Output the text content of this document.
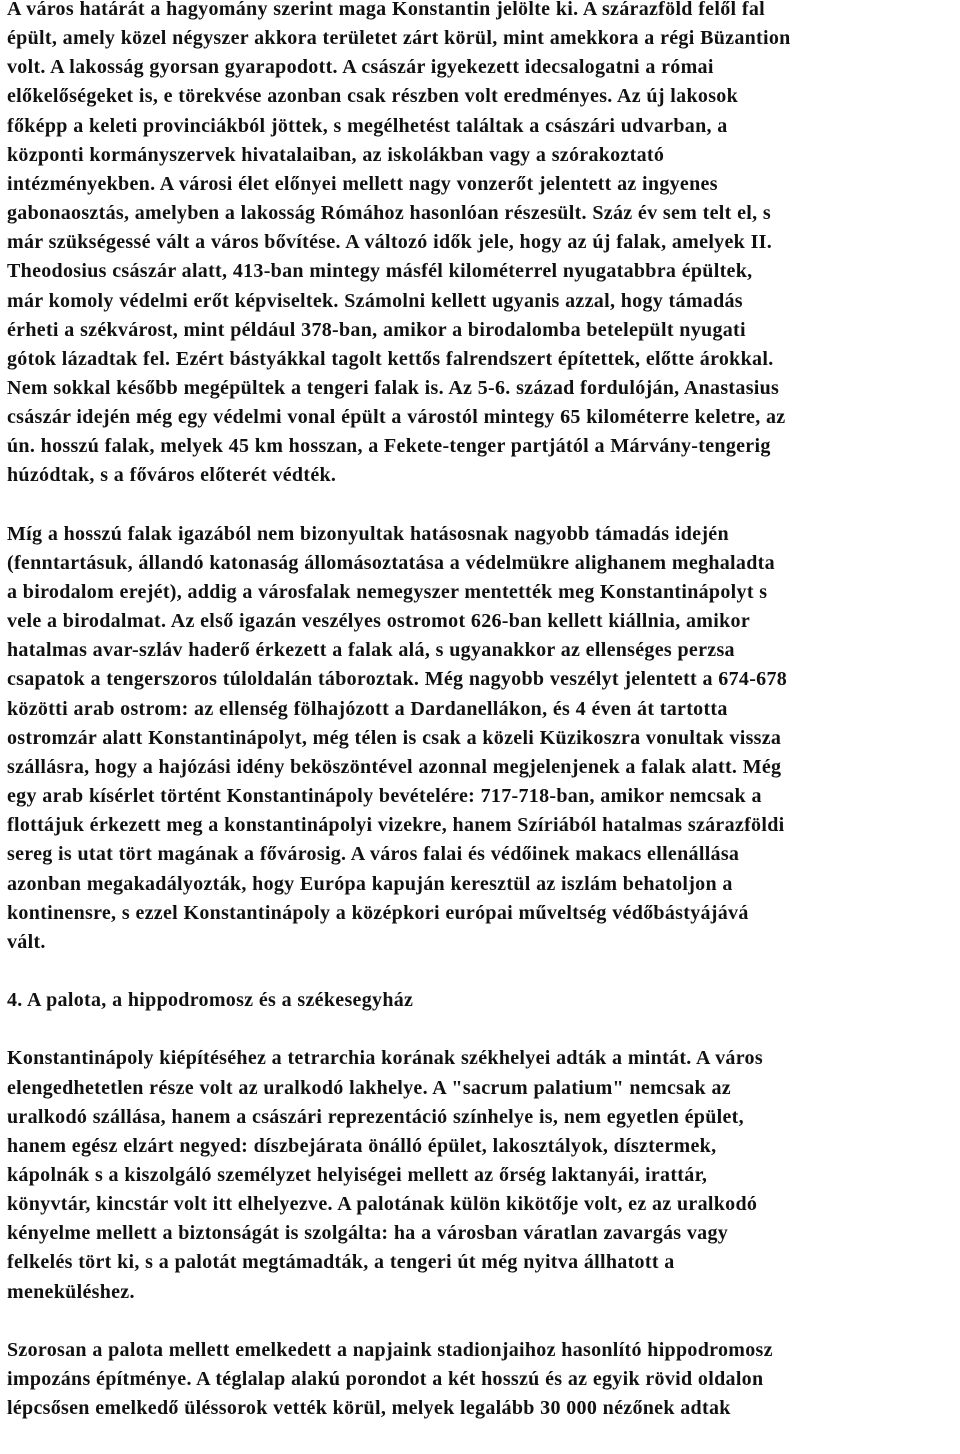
A város határát a hagyomány szerint maga Konstantin jelölte ki. A szárazföld felől fal
épült, amely közel négyszer akkora területet zárt körül, mint amekkora a régi Büzantion
volt. A lakosság gyorsan gyarapodott. A császár igyekezett idecsalogatni a római
előkelőségeket is, e törekvése azonban csak részben volt eredményes. Az új lakosok
főképp a keleti provinciákból jöttek, s megélhetést találtak a császári udvarban, a
központi kormányszervek hivatalaiban, az iskolákban vagy a szórakoztató
intézményekben. A városi élet előnyei mellett nagy vonzerőt jelentett az ingyenes
gabonaosztás, amelyben a lakosság Rómához hasonlóan részesült. Száz év sem telt el, s
már szükségessé vált a város bővítése. A változó idők jele, hogy az új falak, amelyek II.
Theodosius császár alatt, 413-ban mintegy másfél kilométerrel nyugatabbra épültek,
már komoly védelmi erőt képviseltek. Számolni kellett ugyanis azzal, hogy támadás
érheti a székvárost, mint például 378-ban, amikor a birodalomba betelepült nyugati
gótok lázadtak fel. Ezért bástyákkal tagolt kettős falrendszert építettek, előtte árokkal.
Nem sokkal később megépültek a tengeri falak is. Az 5-6. század fordulóján, Anastasius
császár idején még egy védelmi vonal épült a várostól mintegy 65 kilométerre keletre, az
ún. hosszú falak, melyek 45 km hosszan, a Fekete-tenger partjától a Márvány-tengerig
húzódtak, s a főváros előterét védték.
Míg a hosszú falak igazából nem bizonyultak hatásosnak nagyobb támadás idején
(fenntartásuk, állandó katonaság állomásoztatása a védelmükre alighanem meghaladta
a birodalom erejét), addig a városfalak nemegyszer mentették meg Konstantinápolyt s
vele a birodalmat. Az első igazán veszélyes ostromot 626-ban kellett kiállnia, amikor
hatalmas avar-szláv haderő érkezett a falak alá, s ugyanakkor az ellenséges perzsa
csapatok a tengerszoros túloldalán táboroztak. Még nagyobb veszélyt jelentett a 674-678
közötti arab ostrom: az ellenség fölhajózott a Dardanellákon, és 4 éven át tartotta
ostromzár alatt Konstantinápolyt, még télen is csak a közeli Küzikoszra vonultak vissza
szállásra, hogy a hajózási idény beköszöntével azonnal megjelenjenek a falak alatt. Még
egy arab kísérlet történt Konstantinápoly bevételére: 717-718-ban, amikor nemcsak a
flottájuk érkezett meg a konstantinápolyi vizekre, hanem Szíriából hatalmas szárazföldi
sereg is utat tört magának a fővárosig. A város falai és védőinek makacs ellenállása
azonban megakadályozták, hogy Európa kapuján keresztül az iszlám behatoljon a
kontinensre, s ezzel Konstantinápoly a középkori európai műveltség védőbástyájává
vált.
4. A palota, a hippodromosz és a székesegyház
Konstantinápoly kiépítéséhez a tetrarchia korának székhelyei adták a mintát. A város
elengedhetetlen része volt az uralkodó lakhelye. A "sacrum palatium" nemcsak az
uralkodó szállása, hanem a császári reprezentáció színhelye is, nem egyetlen épület,
hanem egész elzárt negyed: díszbejárata önálló épület, lakosztályok, dísztermek,
kápolnák s a kiszolgáló személyzet helyiségei mellett az őrség laktanyái, irattár,
könyvtár, kincstár volt itt elhelyezve. A palotának külön kikötője volt, ez az uralkodó
kényelme mellett a biztonságát is szolgálta: ha a városban váratlan zavargás vagy
felkelés tört ki, s a palotát megtámadták, a tengeri út még nyitva állhatott a
meneküléshez.
Szorosan a palota mellett emelkedett a napjaink stadionjaihoz hasonlító hippodromosz
impozáns építménye. A téglalap alakú porondot a két hosszú és az egyik rövid oldalon
lépcsősen emelkedő üléssorok vették körül, melyek legalább 30 000 nézőnek adtak
